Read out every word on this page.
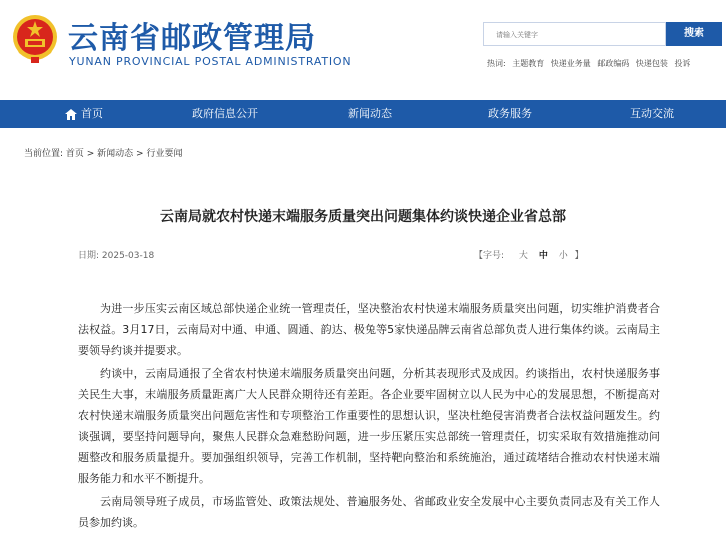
云南省邮政管理局
YUNAN PROVINCIAL POSTAL ADMINISTRATION
请输入关键字	搜索
热词: 主题教育 快递业务量 邮政编码 快递包装 投诉
首页	政府信息公开	新闻动态	政务服务	互动交流
当前位置: 首页 > 新闻动态 > 行业要闻
云南局就农村快递末端服务质量突出问题集体约谈快递企业省总部
日期: 2025-03-18	【字号: 大 中 小 】

为进一步压实云南区域总部快递企业统一管理责任，坚决整治农村快递末端服务质量突出问题，切实维护消费者合法权益。3月17日，云南局对中通、申通、圆通、韵达、极兔等5家快递品牌云南省总部负责人进行集体约谈。云南局主要领导约谈并提要求。

约谈中，云南局通报了全省农村快递末端服务质量突出问题，分析其表现形式及成因。约谈指出，农村快递服务事关民生大事，末端服务质量距离广大人民群众期待还有差距。各企业要牢固树立以人民为中心的发展思想，不断提高对农村快递末端服务质量突出问题危害性和专项整治工作重要性的思想认识，坚决杜绝侵害消费者合法权益问题发生。约谈强调，要坚持问题导向，聚焦人民群众急难愁盼问题，进一步压紧压实总部统一管理责任，切实采取有效措施推动问题整改和服务质量提升。要加强组织领导，完善工作机制，坚持靶向整治和系统施治，通过疏堵结合推动农村快递末端服务能力和水平不断提升。

云南局领导班子成员，市场监管处、政策法规处、普遍服务处、省邮政业安全发展中心主要负责同志及有关工作人员参加约谈。
